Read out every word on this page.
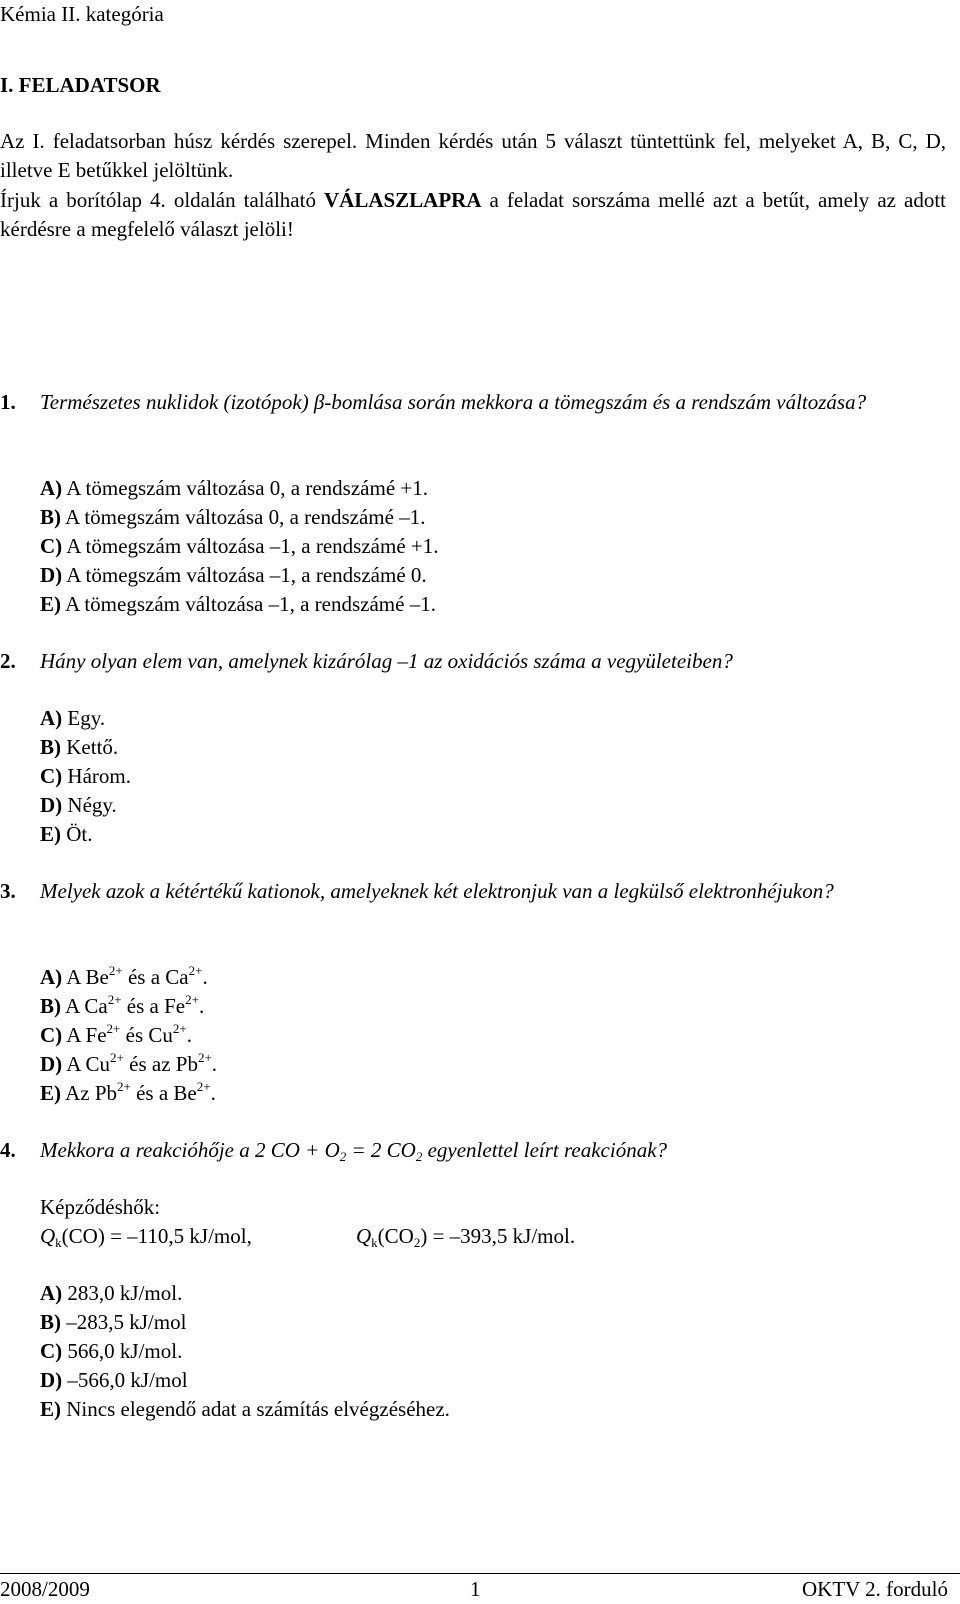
Kémia II. kategória
I. FELADATSOR
Az I. feladatsorban húsz kérdés szerepel. Minden kérdés után 5 választ tüntettünk fel, melyeket A, B, C, D, illetve E betűkkel jelöltünk.
Írjuk a borítólap 4. oldalán található VÁLASZLAPRA a feladat sorszáma mellé azt a betűt, amely az adott kérdésre a megfelelő választ jelöli!
1. Természetes nuklidok (izotópok) β-bomlása során mekkora a tömegszám és a rendszám változása?
A) A tömegszám változása 0, a rendszámé +1.
B) A tömegszám változása 0, a rendszámé –1.
C) A tömegszám változása –1, a rendszámé +1.
D) A tömegszám változása –1, a rendszámé 0.
E) A tömegszám változása –1, a rendszámé –1.
2. Hány olyan elem van, amelynek kizárólag –1 az oxidációs száma a vegyületeiben?
A) Egy.
B) Kettő.
C) Három.
D) Négy.
E) Öt.
3. Melyek azok a kétértékű kationok, amelyeknek két elektronjuk van a legkülső elektronhéjukon?
A) A $Be^{2+}$ és a $Ca^{2+}$.
B) A $Ca^{2+}$ és a $Fe^{2+}$.
C) A $Fe^{2+}$ és $Cu^{2+}$.
D) A $Cu^{2+}$ és az $Pb^{2+}$.
E) Az $Pb^{2+}$ és a $Be^{2+}$.
4. Mekkora a reakcióhője a 2 CO + $O_2 = 2$ $CO_2$ egyenlettel leírt reakciónak?
Képződéshők:
$Q_k(CO) = -110,5$ kJ/mol,	$Q_k(CO_2) = -393,5$ kJ/mol.
A) 283,0 kJ/mol.
B) –283,5 kJ/mol
C) 566,0 kJ/mol.
D) –566,0 kJ/mol
E) Nincs elegendő adat a számítás elvégzéséhez.
2008/2009	1	OKTV 2. forduló
